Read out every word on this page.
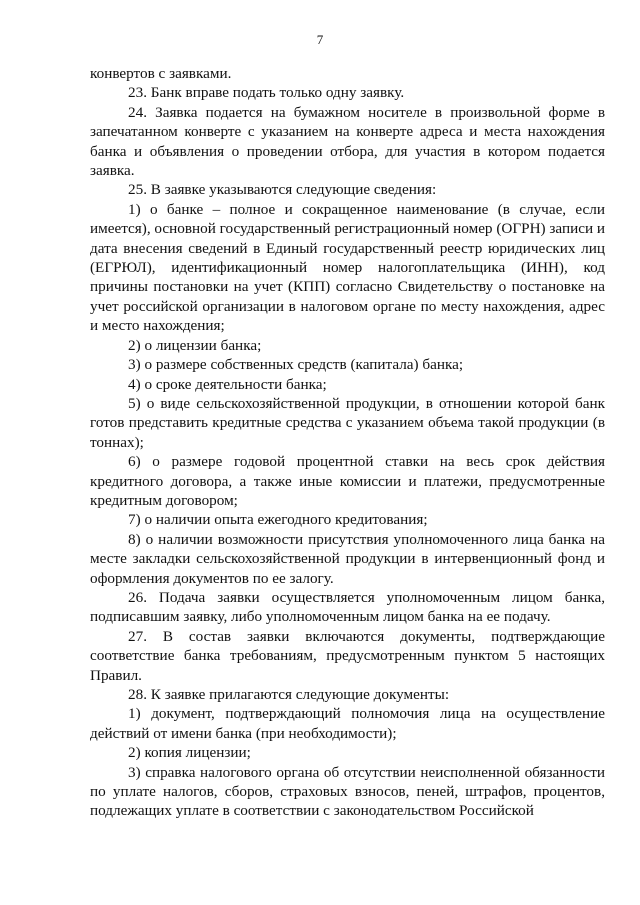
7

конвертов с заявками.

23. Банк вправе подать только одну заявку.

24. Заявка подается на бумажном носителе в произвольной форме в запечатанном конверте с указанием на конверте адреса и места нахождения банка и объявления о проведении отбора, для участия в котором подается заявка.

25. В заявке указываются следующие сведения:

1) о банке – полное и сокращенное наименование (в случае, если имеется), основной государственный регистрационный номер (ОГРН) записи и дата внесения сведений в Единый государственный реестр юридических лиц (ЕГРЮЛ), идентификационный номер налогоплательщика (ИНН), код причины постановки на учет (КПП) согласно Свидетельству о постановке на учет российской организации в налоговом органе по месту нахождения, адрес и место нахождения;

2) о лицензии банка;

3) о размере собственных средств (капитала) банка;

4) о сроке деятельности банка;

5) о виде сельскохозяйственной продукции, в отношении которой банк готов представить кредитные средства с указанием объема такой продукции (в тоннах);

6) о размере годовой процентной ставки на весь срок действия кредитного договора, а также иные комиссии и платежи, предусмотренные кредитным договором;

7) о наличии опыта ежегодного кредитования;

8) о наличии возможности присутствия уполномоченного лица банка на месте закладки сельскохозяйственной продукции в интервенционный фонд и оформления документов по ее залогу.

26. Подача заявки осуществляется уполномоченным лицом банка, подписавшим заявку, либо уполномоченным лицом банка на ее подачу.

27. В состав заявки включаются документы, подтверждающие соответствие банка требованиям, предусмотренным пунктом 5 настоящих Правил.

28. К заявке прилагаются следующие документы:

1) документ, подтверждающий полномочия лица на осуществление действий от имени банка (при необходимости);

2) копия лицензии;

3) справка налогового органа об отсутствии неисполненной обязанности по уплате налогов, сборов, страховых взносов, пеней, штрафов, процентов, подлежащих уплате в соответствии с законодательством Российской
